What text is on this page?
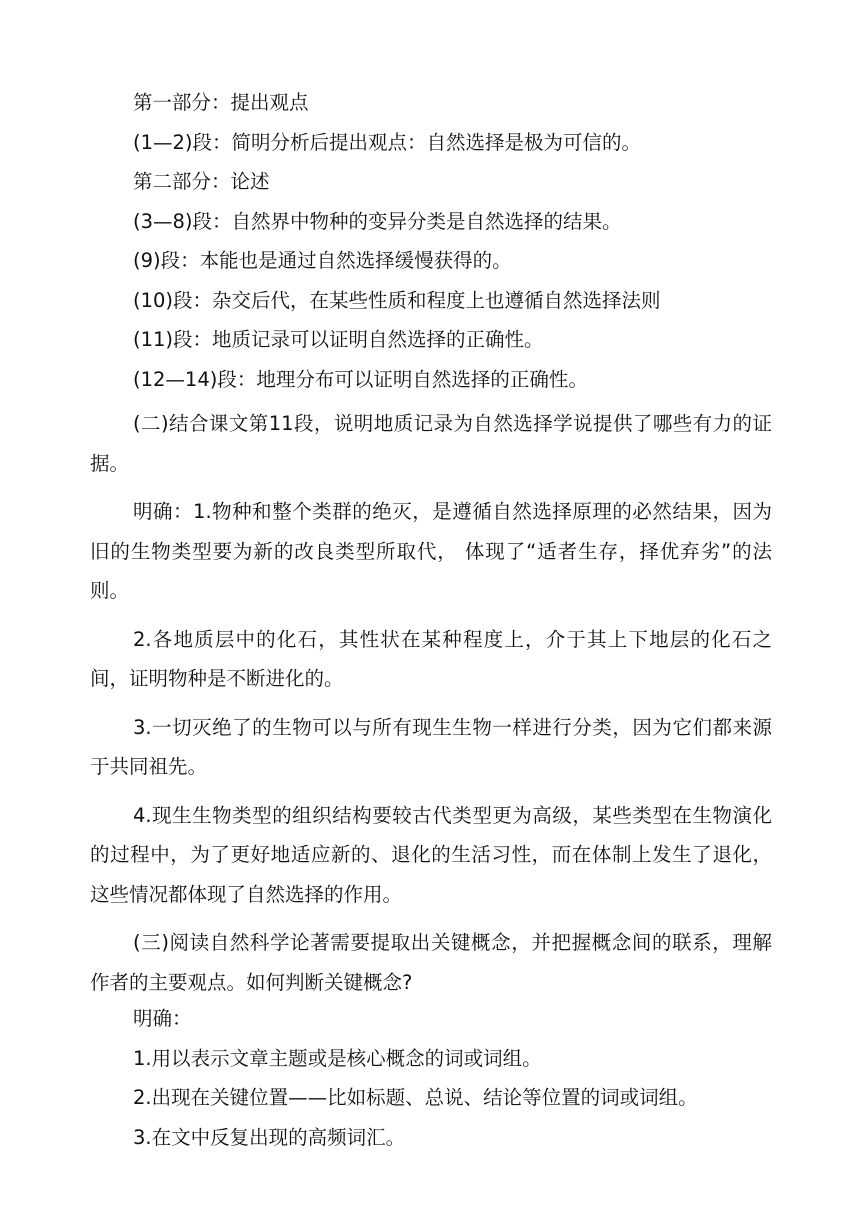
第一部分：提出观点
(1—2)段：简明分析后提出观点：自然选择是极为可信的。
第二部分：论述
(3—8)段：自然界中物种的变异分类是自然选择的结果。
(9)段：本能也是通过自然选择缓慢获得的。
(10)段：杂交后代，在某些性质和程度上也遵循自然选择法则
(11)段：地质记录可以证明自然选择的正确性。
(12—14)段：地理分布可以证明自然选择的正确性。

(二)结合课文第11段，说明地质记录为自然选择学说提供了哪些有力的证据。

明确：1.物种和整个类群的绝灭，是遵循自然选择原理的必然结果，因为旧的生物类型要为新的改良类型所取代， 体现了“适者生存，择优弃劣”的法则。

2.各地质层中的化石，其性状在某种程度上，介于其上下地层的化石之间，证明物种是不断进化的。

3.一切灭绝了的生物可以与所有现生生物一样进行分类，因为它们都来源于共同祖先。

4.现生生物类型的组织结构要较古代类型更为高级，某些类型在生物演化的过程中，为了更好地适应新的、退化的生活习性，而在体制上发生了退化，这些情况都体现了自然选择的作用。

(三)阅读自然科学论著需要提取出关键概念，并把握概念间的联系，理解作者的主要观点。如何判断关键概念?

明确：
1.用以表示文章主题或是核心概念的词或词组。
2.出现在关键位置——比如标题、总说、结论等位置的词或词组。
3.在文中反复出现的高频词汇。
